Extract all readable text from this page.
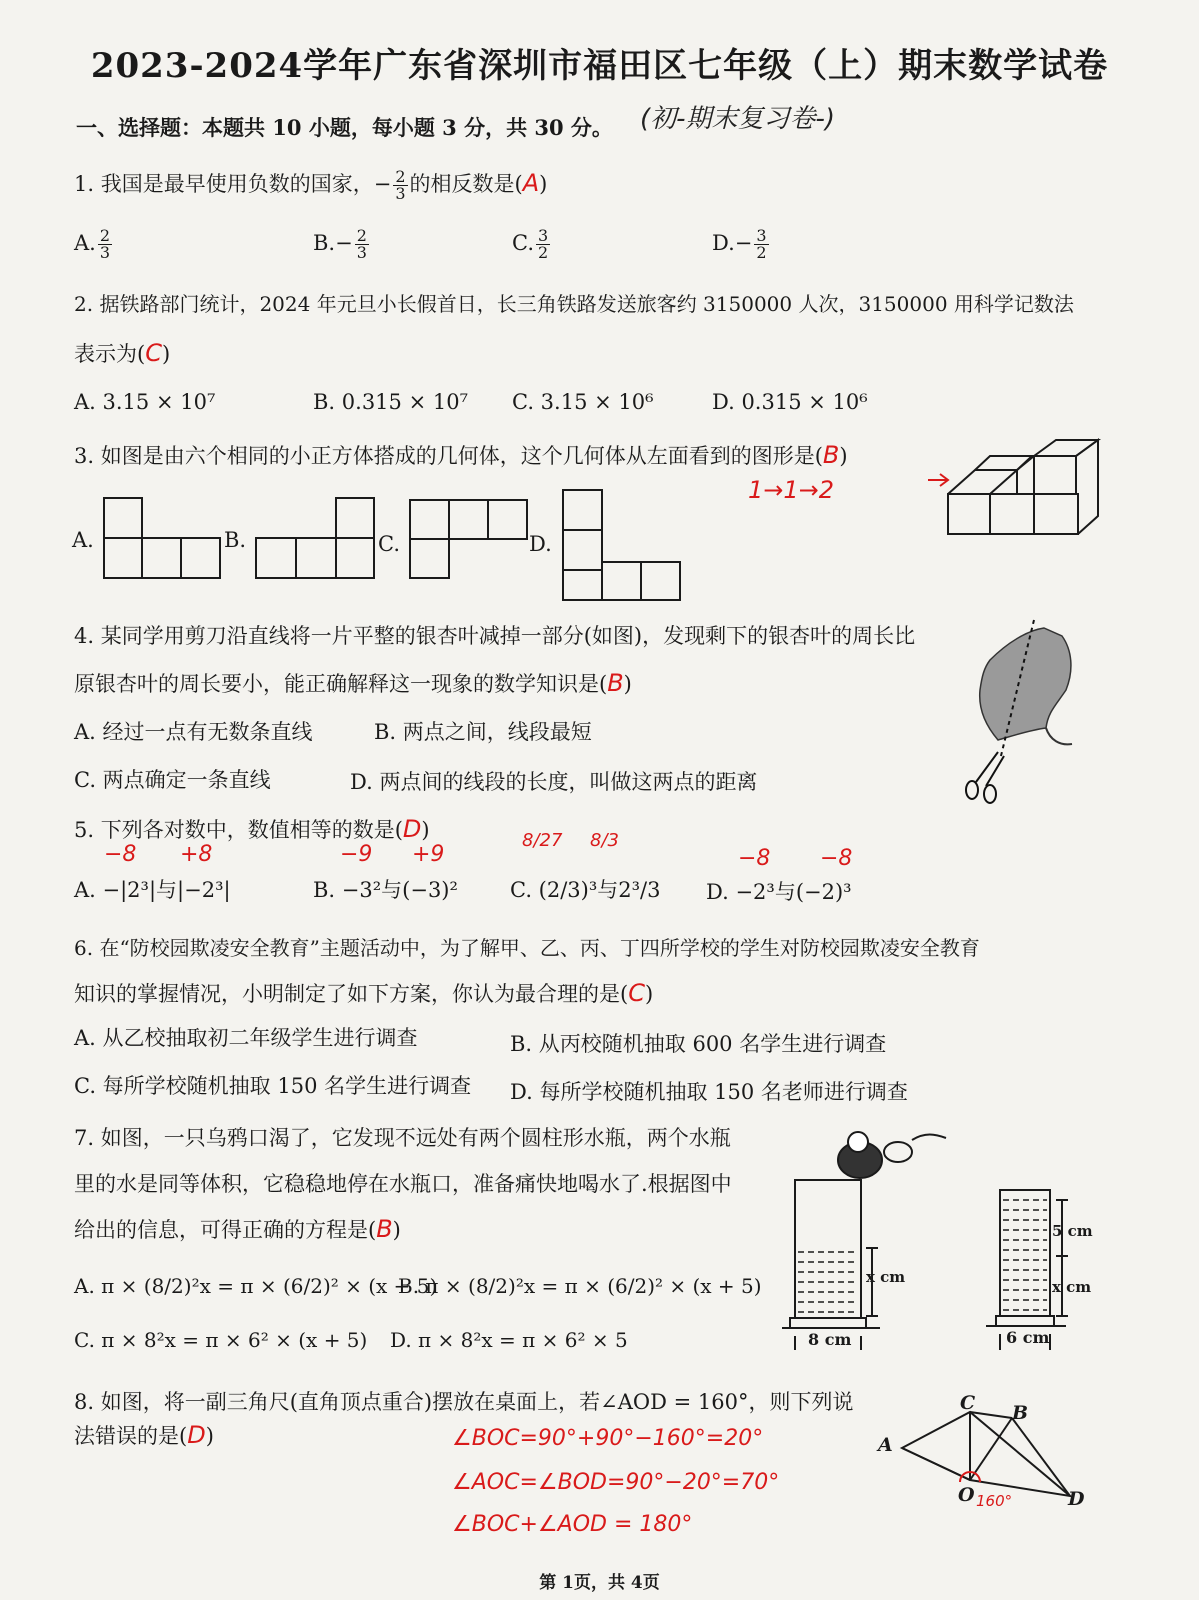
2023-2024学年广东省深圳市福田区七年级（上）期末数学试卷
一、选择题：本题共 10 小题，每小题 3 分，共 30 分。 (初-期末复习卷-)
1. 我国是最早使用负数的国家，− $\frac{2}{3}$ 的相反数是(A)
A. $\frac{2}{3}$	$B.- \frac{2}{3}$	C. $\frac{3}{2}$	$D.- \frac{3}{2}$
2. 据铁路部门统计，2024 年元旦小长假首日，长三角铁路发送旅客约 3150000 人次，3150000 用科学记数法
表示为(C)
A. 3.15 × 10⁷	B. 0.315 × 10⁷ C. 3.15 × 10⁶	D. 0.315 × 10⁶
3. 如图是由六个相同的小正方体搭成的几何体，这个几何体从左面看到的图形是(B)
A.	B.	C.	D.
1→1→2
4. 某同学用剪刀沿直线将一片平整的银杏叶减掉一部分(如图)，发现剩下的银杏叶的周长比
原银杏叶的周长要小，能正确解释这一现象的数学知识是(B)
A. 经过一点有无数条直线	B. 两点之间，线段最短
C. 两点确定一条直线	D. 两点间的线段的长度，叫做这两点的距离
5. 下列各对数中，数值相等的数是(D)
−8 +8	−9 +9
8/27 8/3
−8 −8
A. −|2³|与|−2³|	B. −3²与(−3)² C. (2/3)³与2³/3 D. −2³与(−2)³
6. 在“防校园欺凌安全教育”主题活动中，为了解甲、乙、丙、丁四所学校的学生对防校园欺凌安全教育
知识的掌握情况，小明制定了如下方案，你认为最合理的是(C)
A. 从乙校抽取初二年级学生进行调查	B. 从丙校随机抽取 600 名学生进行调查
C. 每所学校随机抽取 150 名学生进行调查 D. 每所学校随机抽取 150 名老师进行调查
7. 如图，一只乌鸦口渴了，它发现不远处有两个圆柱形水瓶，两个水瓶
里的水是同等体积，它稳稳地停在水瓶口，准备痛快地喝水了.根据图中
给出的信息，可得正确的方程是(B)
A. π × (8/2)²x = π × (6/2)² × (x − 5)
B. π × (8/2)²x = π × (6/2)² × (x + 5)
C. π × 8²x = π × 6² × (x + 5) D. π × 8²x = π × 6² × 5
x cm
8 cm
5 cm
x cm
6 cm
8. 如图，将一副三角尺(直角顶点重合)摆放在桌面上，若∠AOD = 160°，则下列说
法错误的是(D)	∠BOC=90°+90°−160°=20°
∠AOC=∠BOD=90°−20°=70°
∠BOC+∠AOD = 180°
A
B
C
O	D
160°
第 1页，共 4页
